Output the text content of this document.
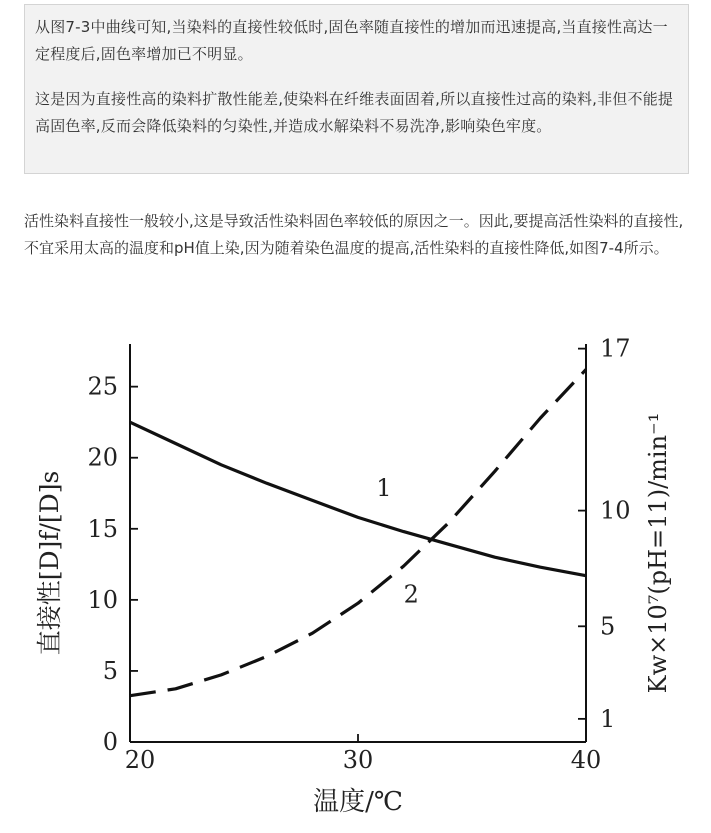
从图7-3中曲线可知,当染料的直接性较低时,固色率随直接性的增加而迅速提高,当直接性高达一定程度后,固色率增加已不明显。

这是因为直接性高的染料扩散性能差,使染料在纤维表面固着,所以直接性过高的染料,非但不能提高固色率,反而会降低染料的匀染性,并造成水解染料不易洗净,影响染色牢度。

活性染料直接性一般较小,这是导致活性染料固色率较低的原因之一。因此,要提高活性染料的直接性,不宜采用太高的温度和pH值上染,因为随着染色温度的提高,活性染料的直接性降低,如图7-4所示。

20	30	40
0
5
10
15
20
25
1
5
10
17
1
2
温度/℃
直接性[D]f/[D]s	Kw×10⁷(pH=11)/min⁻¹
